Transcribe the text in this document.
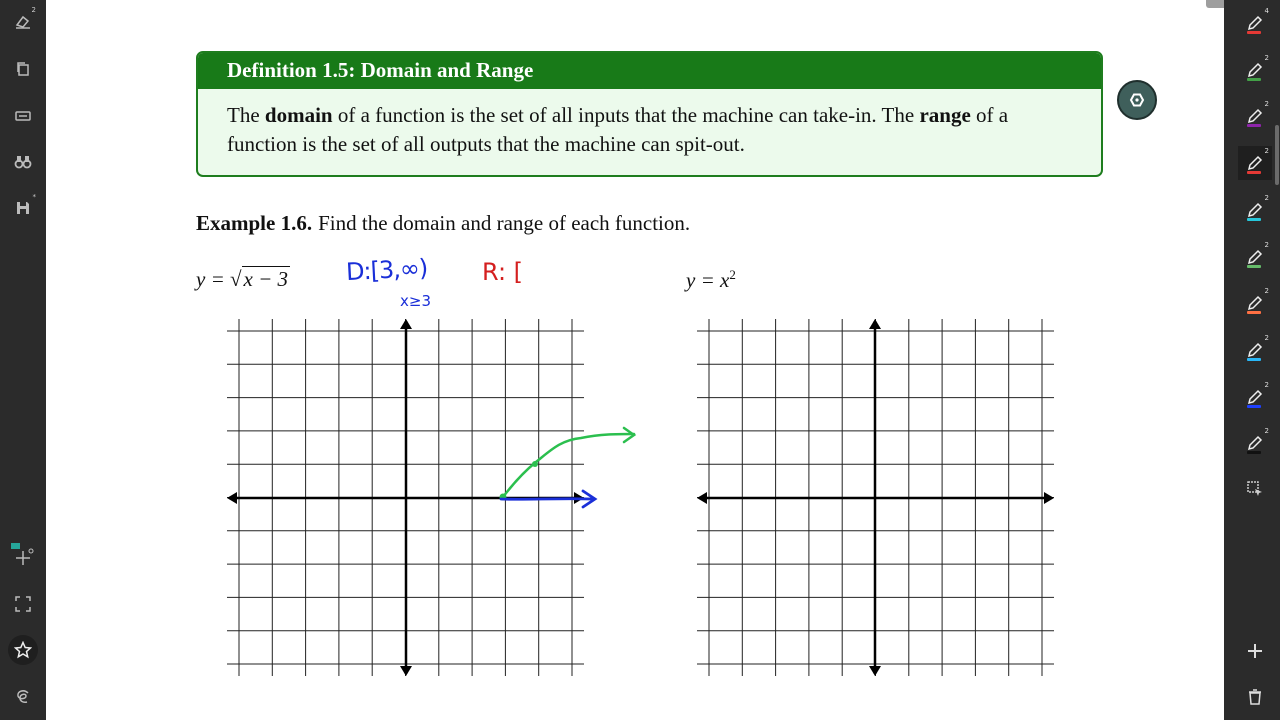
2
*
Definition 1.5: Domain and Range
The domain of a function is the set of all inputs that the machine can take-in. The range of a function is the set of all outputs that the machine can spit-out.
Example 1.6. Find the domain and range of each function.
y = √x − 3	$y = x^2$
D:[3,∞)
x≥3
R: [
4
2
2
2
2
2
2
2
2
2
